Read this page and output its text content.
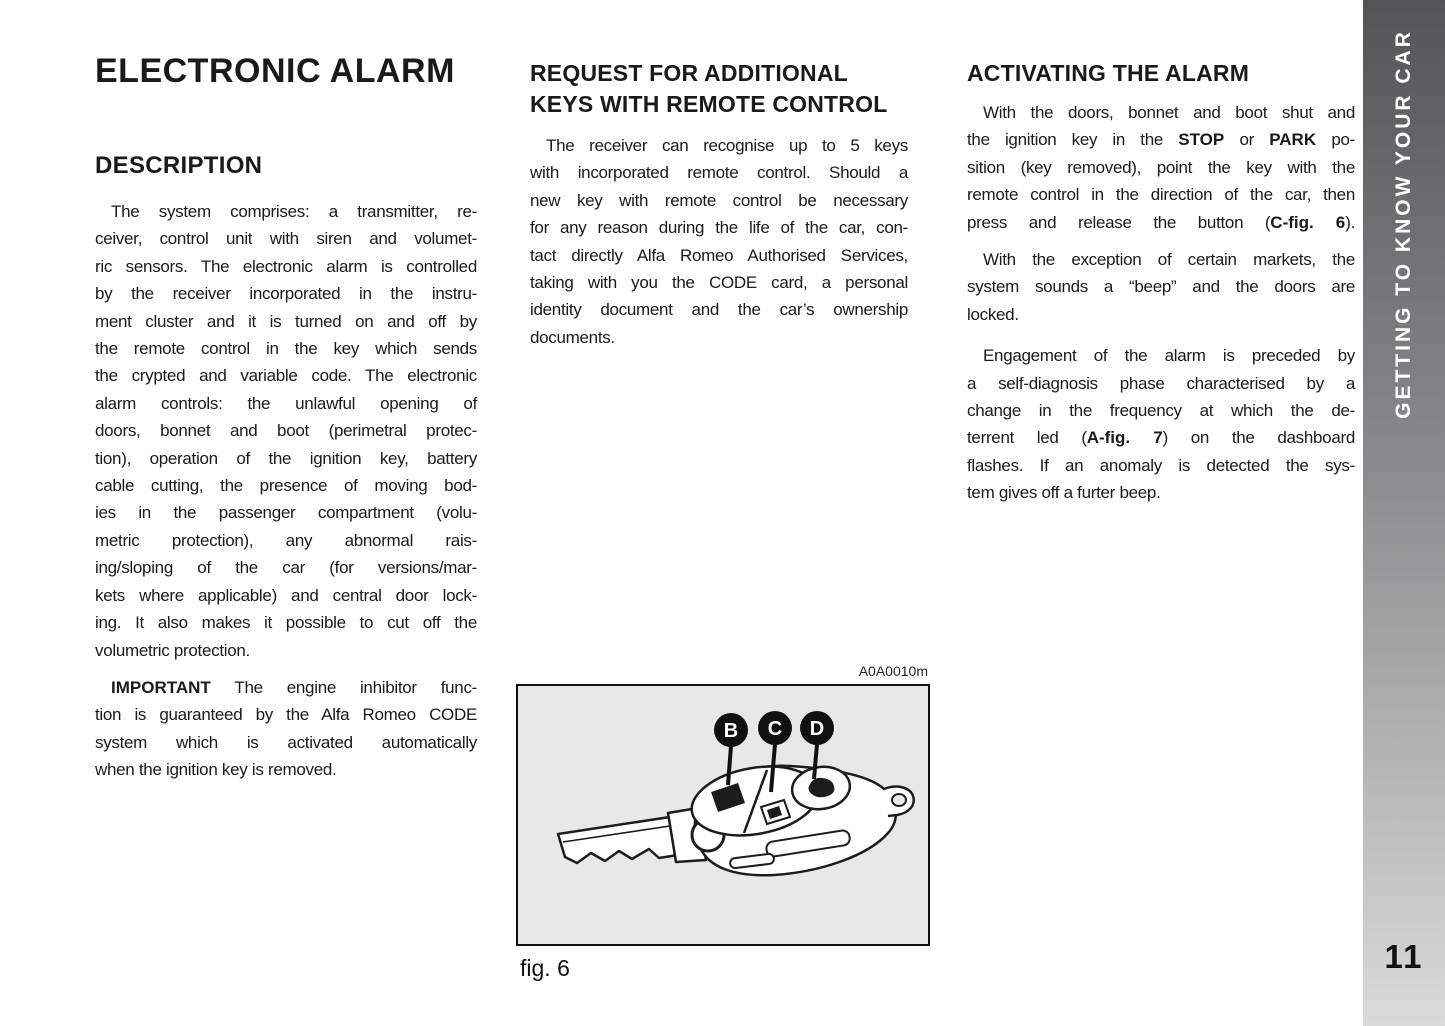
ELECTRONIC ALARM
DESCRIPTION
The system comprises: a transmitter, re-
ceiver, control unit with siren and volumet-
ric sensors. The electronic alarm is controlled
by the receiver incorporated in the instru-
ment cluster and it is turned on and off by
the remote control in the key which sends
the crypted and variable code. The electronic
alarm controls: the unlawful opening of
doors, bonnet and boot (perimetral protec-
tion), operation of the ignition key, battery
cable cutting, the presence of moving bod-
ies in the passenger compartment (volu-
metric protection), any abnormal rais-
ing/sloping of the car (for versions/mar-
kets where applicable) and central door lock-
ing. It also makes it possible to cut off the
volumetric protection.
IMPORTANT The engine inhibitor func-
tion is guaranteed by the Alfa Romeo CODE
system which is activated automatically
when the ignition key is removed.
REQUEST FOR ADDITIONAL
KEYS WITH REMOTE CONTROL
The receiver can recognise up to 5 keys
with incorporated remote control. Should a
new key with remote control be necessary
for any reason during the life of the car, con-
tact directly Alfa Romeo Authorised Services,
taking with you the CODE card, a personal
identity document and the car’s ownership
documents.
A0A0010m
B C D
fig. 6
ACTIVATING THE ALARM
With the doors, bonnet and boot shut and
the ignition key in the STOP or PARK po-
sition (key removed), point the key with the
remote control in the direction of the car, then
press and release the button (C-fig. 6).
With the exception of certain markets, the
system sounds a “beep” and the doors are
locked.
Engagement of the alarm is preceded by
a self-diagnosis phase characterised by a
change in the frequency at which the de-
terrent led (A-fig. 7) on the dashboard
flashes. If an anomaly is detected the sys-
tem gives off a furter beep.
GETTING TO KNOW YOUR CAR
11
